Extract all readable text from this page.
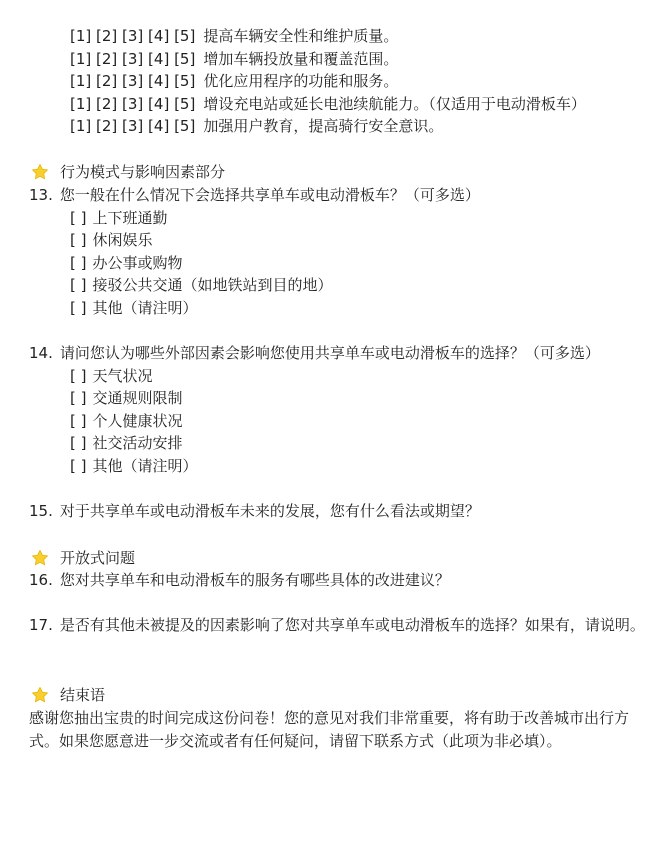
[1] [2] [3] [4] [5] 提高车辆安全性和维护质量。
[1] [2] [3] [4] [5] 增加车辆投放量和覆盖范围。
[1] [2] [3] [4] [5] 优化应用程序的功能和服务。
[1] [2] [3] [4] [5] 增设充电站或延长电池续航能力。（仅适用于电动滑板车）
[1] [2] [3] [4] [5] 加强用户教育，提高骑行安全意识。
行为模式与影响因素部分
13. 您一般在什么情况下会选择共享单车或电动滑板车？（可多选）
[ ] 上下班通勤
[ ] 休闲娱乐
[ ] 办公事或购物
[ ] 接驳公共交通（如地铁站到目的地）
[ ] 其他（请注明）
14. 请问您认为哪些外部因素会影响您使用共享单车或电动滑板车的选择？（可多选）
[ ] 天气状况
[ ] 交通规则限制
[ ] 个人健康状况
[ ] 社交活动安排
[ ] 其他（请注明）
15. 对于共享单车或电动滑板车未来的发展，您有什么看法或期望？
开放式问题
16. 您对共享单车和电动滑板车的服务有哪些具体的改进建议？
17. 是否有其他未被提及的因素影响了您对共享单车或电动滑板车的选择？如果有，请说明。
结束语
感谢您抽出宝贵的时间完成这份问卷！您的意见对我们非常重要，将有助于改善城市出行方式。如果您愿意进一步交流或者有任何疑问，请留下联系方式（此项为非必填）。
